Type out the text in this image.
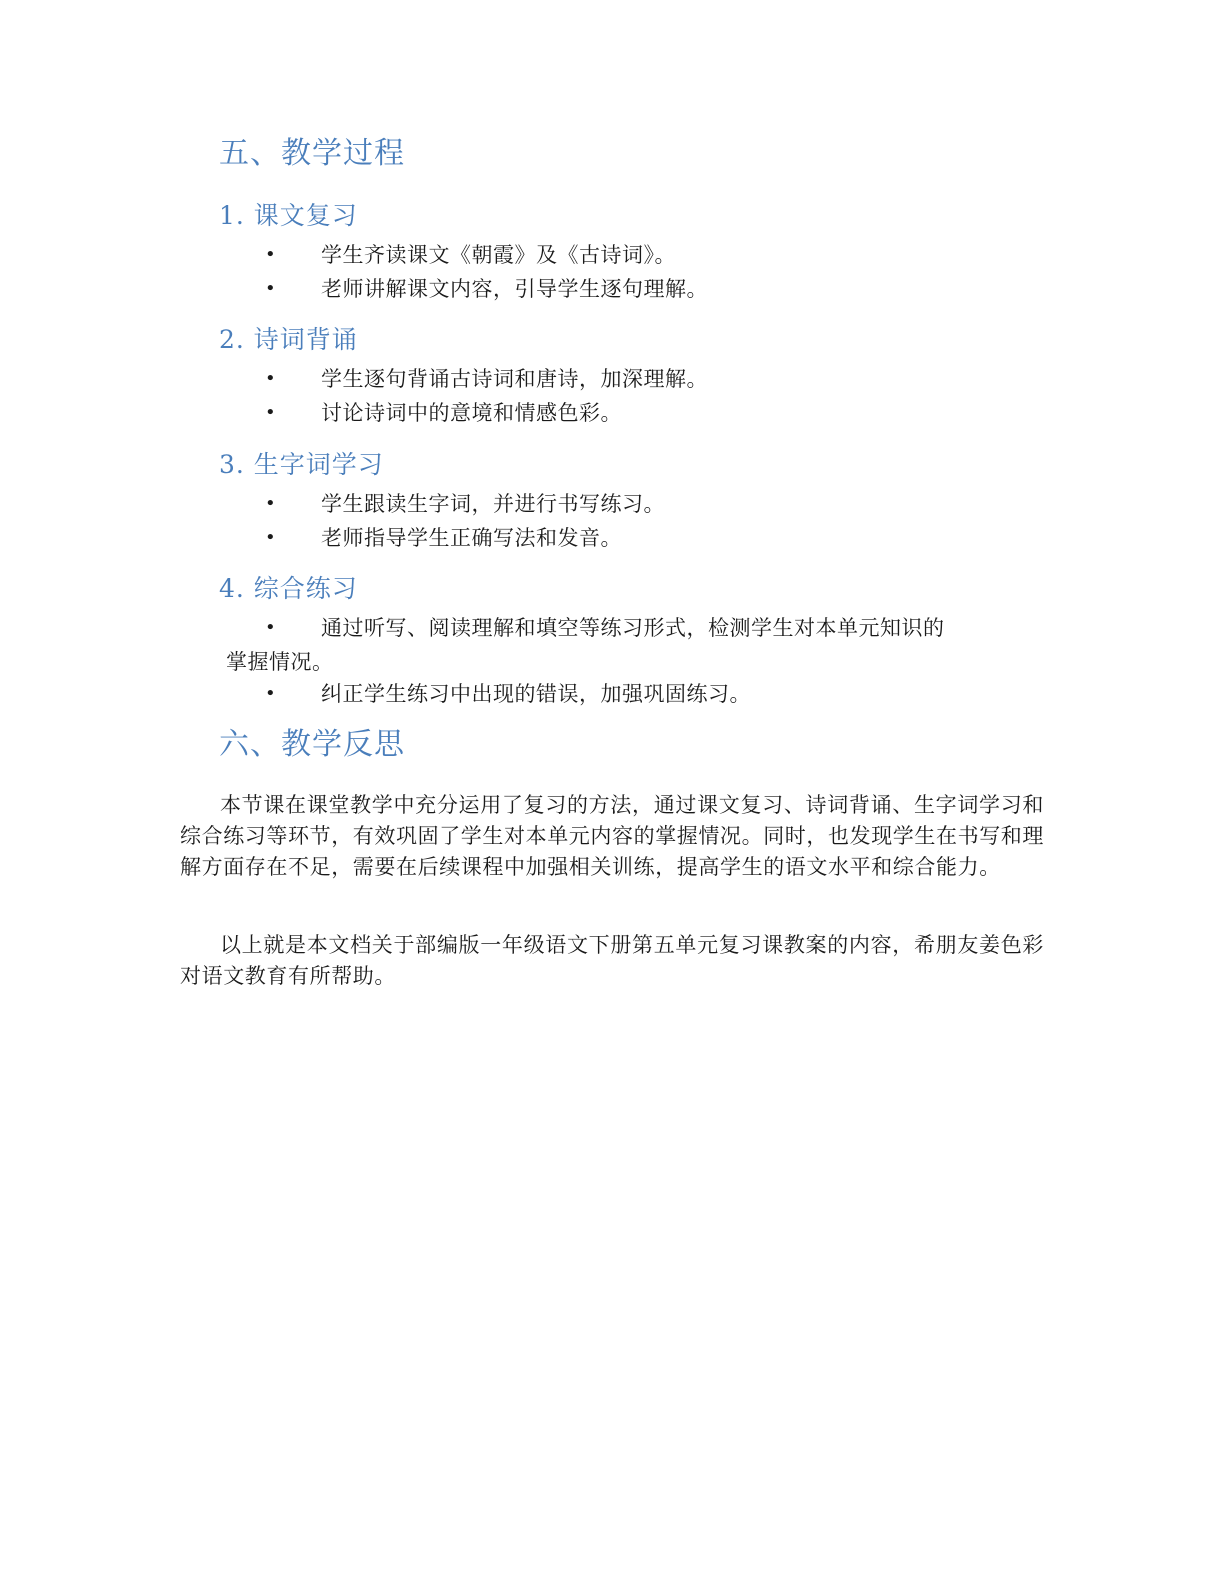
五、教学过程
1. 课文复习
• 学生齐读课文《朝霞》及《古诗词》。
• 老师讲解课文内容，引导学生逐句理解。
2. 诗词背诵
• 学生逐句背诵古诗词和唐诗，加深理解。
• 讨论诗词中的意境和情感色彩。
3. 生字词学习
• 学生跟读生字词，并进行书写练习。
• 老师指导学生正确写法和发音。
4. 综合练习
•	通过听写、阅读理解和填空等练习形式，检测学生对本单元知识的掌握情况。
• 纠正学生练习中出现的错误，加强巩固练习。
六、教学反思
本节课在课堂教学中充分运用了复习的方法，通过课文复习、诗词背诵、生字词学习和综合练习等环节，有效巩固了学生对本单元内容的掌握情况。同时，也发现学生在书写和理解方面存在不足，需要在后续课程中加强相关训练，提高学生的语文水平和综合能力。
以上就是本文档关于部编版一年级语文下册第五单元复习课教案的内容，希朋友姜色彩对语文教育有所帮助。
